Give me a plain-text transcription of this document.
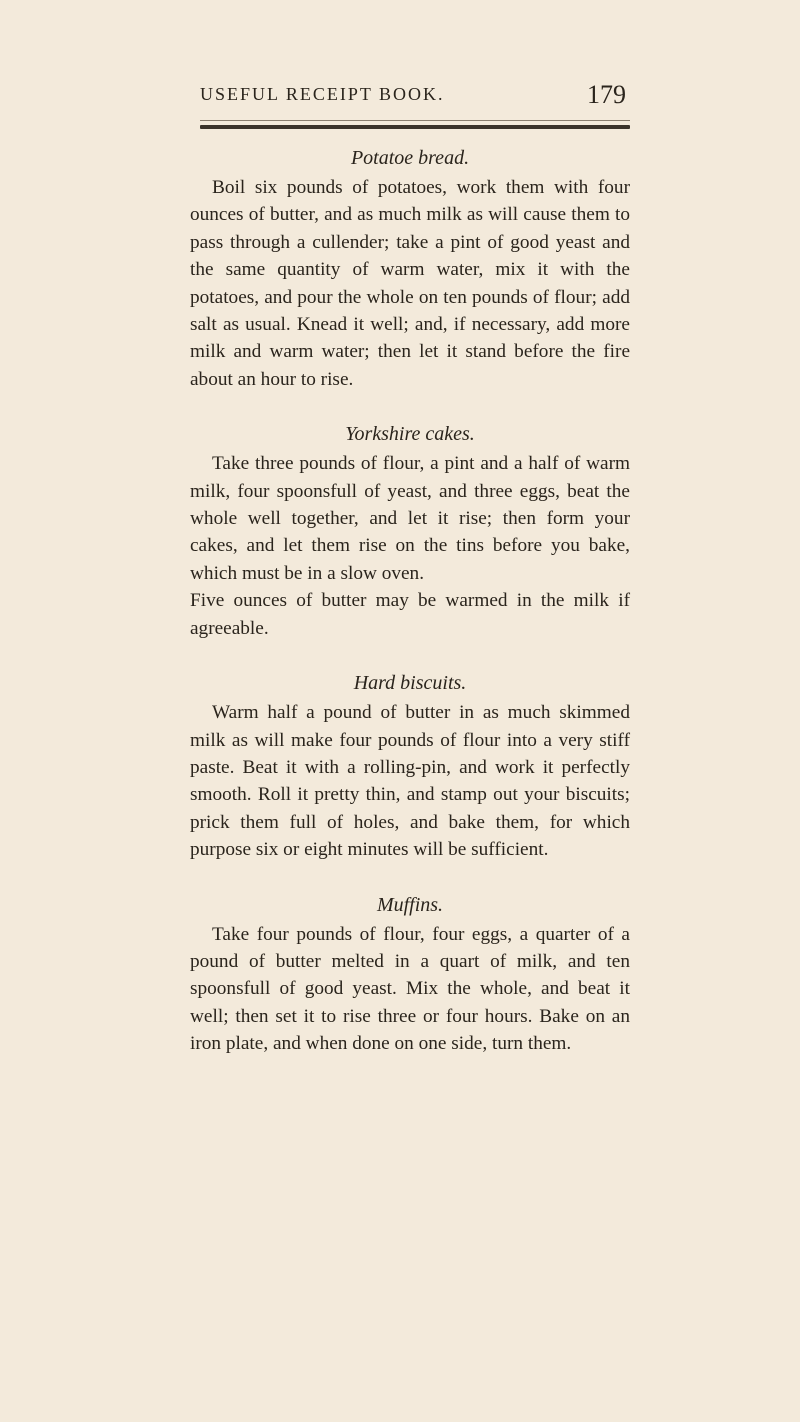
USEFUL RECEIPT BOOK.	179
Potatoe bread.

Boil six pounds of potatoes, work them with four ounces of butter, and as much milk as will cause them to pass through a cullender; take a pint of good yeast and the same quantity of warm water, mix it with the potatoes, and pour the whole on ten pounds of flour; add salt as usual. Knead it well; and, if necessary, add more milk and warm water; then let it stand before the fire about an hour to rise.

Yorkshire cakes.

Take three pounds of flour, a pint and a half of warm milk, four spoonsfull of yeast, and three eggs, beat the whole well together, and let it rise; then form your cakes, and let them rise on the tins before you bake, which must be in a slow oven.

Five ounces of butter may be warmed in the milk if agreeable.

Hard biscuits.

Warm half a pound of butter in as much skimmed milk as will make four pounds of flour into a very stiff paste. Beat it with a rolling-pin, and work it perfectly smooth. Roll it pretty thin, and stamp out your biscuits; prick them full of holes, and bake them, for which purpose six or eight minutes will be sufficient.

Muffins.

Take four pounds of flour, four eggs, a quarter of a pound of butter melted in a quart of milk, and ten spoonsfull of good yeast. Mix the whole, and beat it well; then set it to rise three or four hours. Bake on an iron plate, and when done on one side, turn them.
